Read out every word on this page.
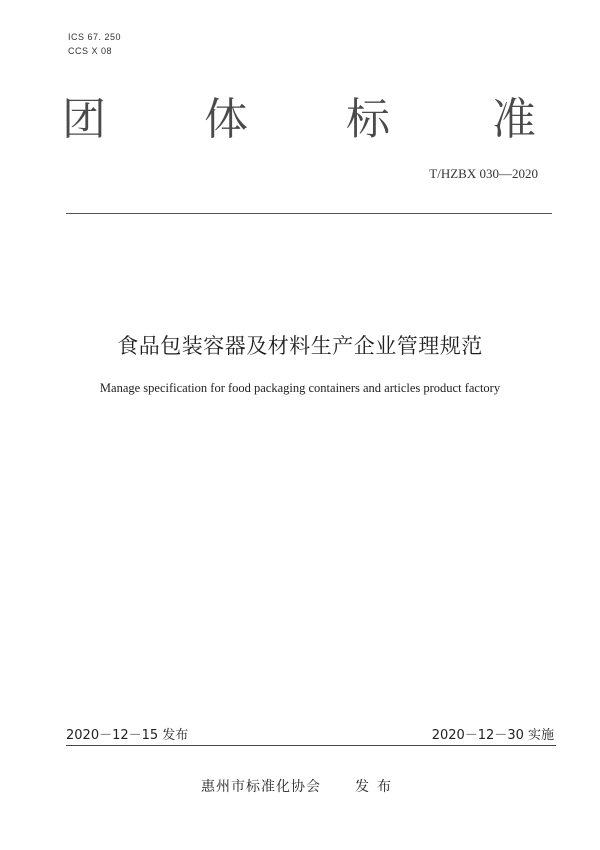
ICS 67. 250
CCS X 08
团 体 标 准
T/HZBX 030—2020
食品包装容器及材料生产企业管理规范
Manage specification for food packaging containers and articles product factory
2020－12－15 发布	2020－12－30 实施
惠州市标准化协会 发布
